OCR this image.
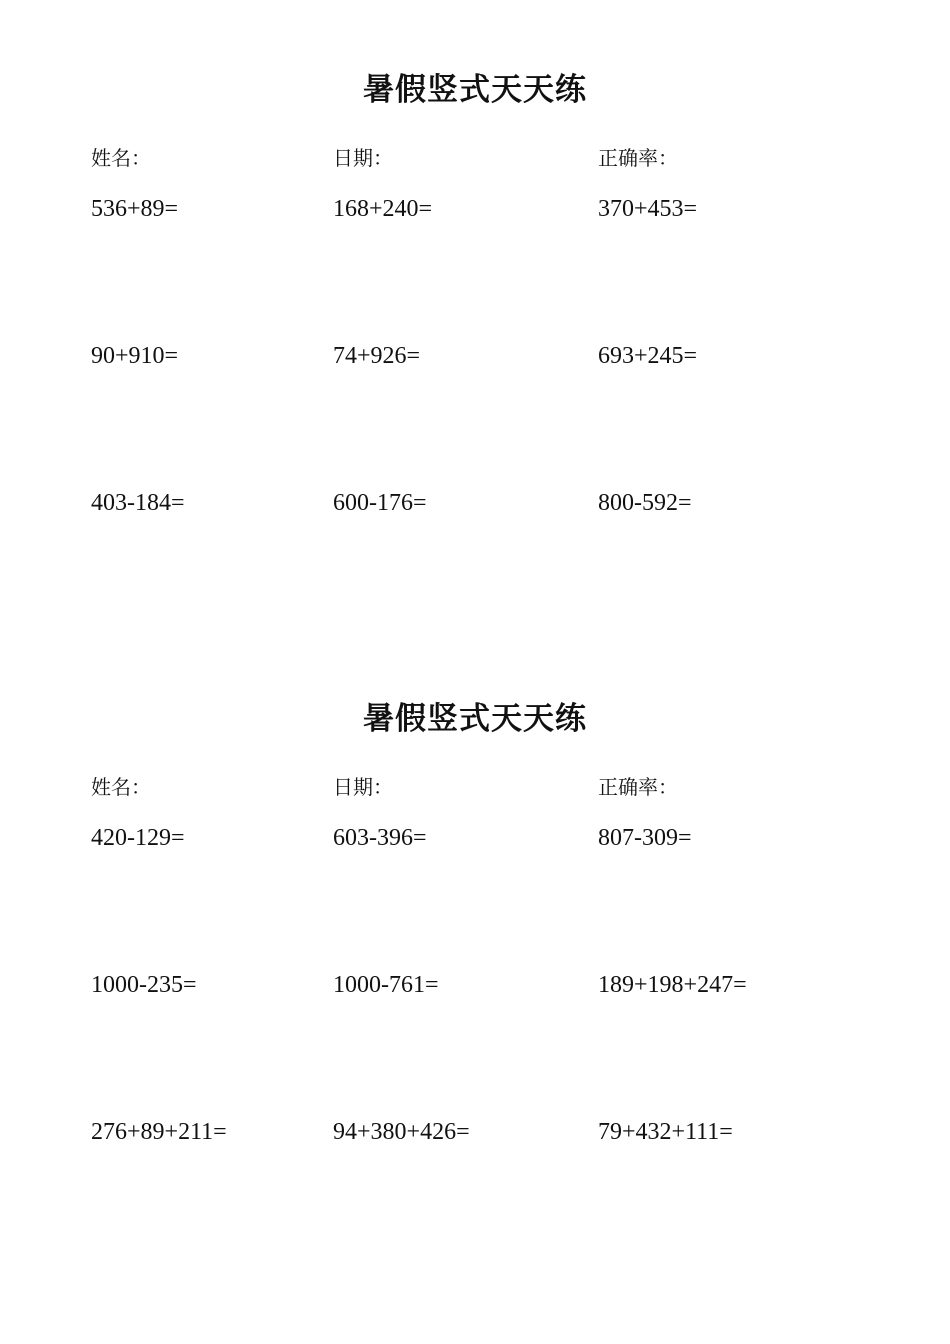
暑假竖式天天练
姓名：	日期：	正确率：
536+89=	168+240=	370+453=
90+910=	74+926=	693+245=
403-184=	600-176=	800-592=
暑假竖式天天练
姓名：	日期：	正确率：
420-129=	603-396=	807-309=
1000-235=	1000-761=	189+198+247=
276+89+211=	94+380+426=	79+432+111=
